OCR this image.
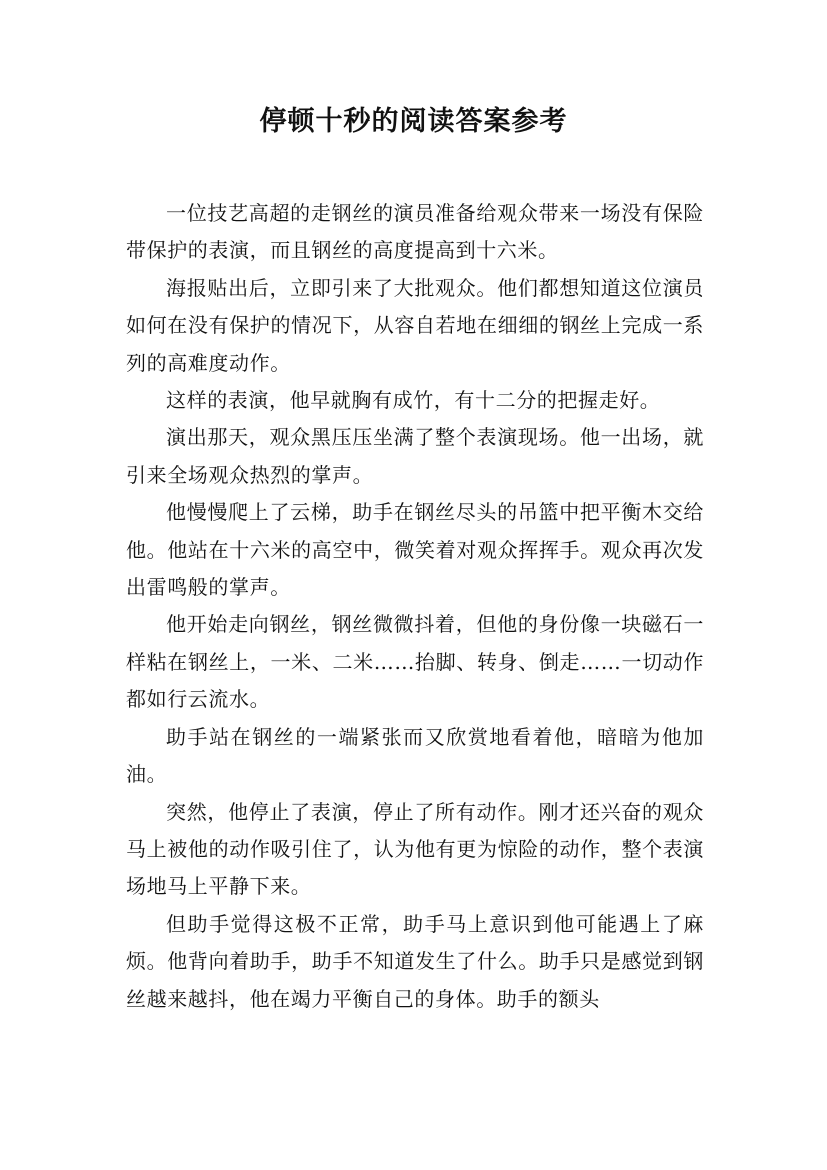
停顿十秒的阅读答案参考

一位技艺高超的走钢丝的演员准备给观众带来一场没有保险带保护的表演，而且钢丝的高度提高到十六米。

海报贴出后，立即引来了大批观众。他们都想知道这位演员如何在没有保护的情况下，从容自若地在细细的钢丝上完成一系列的高难度动作。

这样的表演，他早就胸有成竹，有十二分的把握走好。

演出那天，观众黑压压坐满了整个表演现场。他一出场，就引来全场观众热烈的掌声。

他慢慢爬上了云梯，助手在钢丝尽头的吊篮中把平衡木交给他。他站在十六米的高空中，微笑着对观众挥挥手。观众再次发出雷鸣般的掌声。

他开始走向钢丝，钢丝微微抖着，但他的身份像一块磁石一样粘在钢丝上，一米、二米……抬脚、转身、倒走……一切动作都如行云流水。

助手站在钢丝的一端紧张而又欣赏地看着他，暗暗为他加油。

突然，他停止了表演，停止了所有动作。刚才还兴奋的观众马上被他的动作吸引住了，认为他有更为惊险的动作，整个表演场地马上平静下来。

但助手觉得这极不正常，助手马上意识到他可能遇上了麻烦。他背向着助手，助手不知道发生了什么。助手只是感觉到钢丝越来越抖，他在竭力平衡自己的身体。助手的额头
